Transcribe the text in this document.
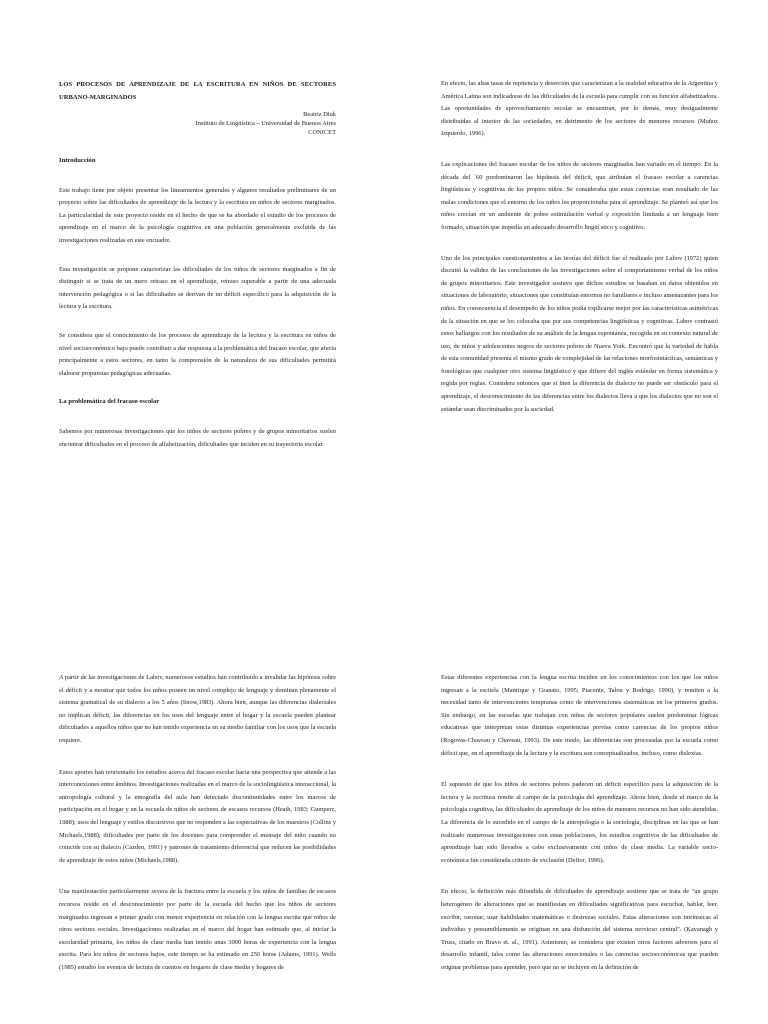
LOS PROCESOS DE APRENDIZAJE DE LA ESCRITURA EN NIÑOS DE SECTORES URBANO-MARGINADOS
Beatriz Diuk
Instituto de Lingüística – Universidad de Buenos Aires
CONICET
Introducción

Este trabajo tiene por objeto presentar los lineamientos generales y algunos resultados preliminares de un proyecto sobre las dificultades de aprendizaje de la lectura y la escritura en niños de sectores marginados. La particularidad de este proyecto reside en el hecho de que se ha abordado el estudio de los procesos de aprendizaje en el marco de la psicología cognitiva en una población generalmente excluida de las investigaciones realizadas en este encuadre.

Esta investigación se propone caracterizar las dificultades de los niños de sectores marginados a fin de distinguir si se trata de un mero retraso en el aprendizaje, retraso superable a partir de una adecuada intervención pedagógica o si las dificultades se derivan de un déficit específico para la adquisición de la lectura y la escritura.

Se considera que el conocimiento de los procesos de aprendizaje de la lectura y la escritura en niños de nivel socioeconómico bajo puede contribuir a dar respuesta a la problemática del fracaso escolar, que afecta principalmente a estos sectores, en tanto la comprensión de la naturaleza de sus dificultades permitirá elaborar propuestas pedagógicas adecuadas.

La problemática del fracaso escolar

Sabemos por numerosas investigaciones que los niños de sectores pobres y de grupos minoritarios suelen encontrar dificultades en el proceso de alfabetización, dificultades que inciden en su trayectoria escolar.

En efecto, las altas tasas de repitencia y deserción que caracterizan a la realidad educativa de la Argentina y América Latina son indicadoras de las dificultades de la escuela para cumplir con su función alfabetizadora. Las oportunidades de aprovechamiento escolar se encuentran, por lo demás, muy desigualmente distribuidas al interior de las sociedades, en detrimento de los sectores de menores recursos (Muñoz Izquierdo, 1996).

Las explicaciones del fracaso escolar de los niños de sectores marginados han variado en el tiempo. En la década del ´60 predominaron las hipótesis del déficit, que atribuían el fracaso escolar a carencias lingüísticas y cognitivas de los propios niños. Se consideraba que estas carencias eran resultado de las malas condiciones que el entorno de los niños les proporcionaba para el aprendizaje. Se planteó así que los niños crecían en un ambiente de pobre estimulación verbal y exposición limitada a un lenguaje bien formado, situación que impedía un adecuado desarrollo lingüí stico y cognitivo.

Uno de los principales cuestionamientos a las teorías del déficit fue el realizado por Labov (1972) quien discutió la validez de las conclusiones de las investigaciones sobre el comportamiento verbal de los niños de grupos minoritarios. Este investigador sostuvo que dichos estudios se basaban en datos obtenidos en situaciones de laboratorio, situaciones que constituían entornos no familiares e incluso amenazantes para los niños. En consecuencia el desempeño de los niños podía explicarse mejor por las características asimétricas de la situación en que se los colocaba que por sus competencias lingüísticas y cognitivas. Labov contrastó estos hallazgos con los resultados de su análisis de la lengua espontánea, recogida en su contexto natural de uso, de niños y adolescentes negros de sectores pobres de Nueva York. Encontró que la variedad de habla de esta comunidad presenta el mismo grado de complejidad de las relaciones morfosintácticas, semánticas y fonológicas que cualquier otro sistema lingüístico y que difiere del inglés estándar en forma sistemática y regida por reglas. Considera entonces que si bien la diferencia de dialecto no puede ser obstáculo para el aprendizaje, el desconocimiento de las diferencias entre los dialectos lleva a que los dialectos que no son el estándar sean discriminados por la sociedad.

A partir de las investigaciones de Labov, numerosos estudios han contribuido a invalidar las hipótesis sobre el déficit y a mostrar que todos los niños poseen un nivel complejo de lenguaje y dominan plenamente el sistema gramatical de su dialecto a los 5 años (Snow,1983). Ahora bien, aunque las diferencias dialectales no implican déficit, las diferencias en los usos del lenguaje entre el hogar y la escuela pueden plantear dificultades a aquellos niños que no han tenido experiencia en su medio familiar con los usos que la escuela requiere.

Estos aportes han reorientado los estudios acerca del fracaso escolar hacia una perspectiva que atiende a las interconexiones entre ámbitos. Investigaciones realizadas en el marco de la sociolingüística interaccional, la antropología cultural y la etnografía del aula han detectado discontinuidades entre los marcos de participación en el hogar y en la escuela de niños de sectores de escasos recursos (Heath, 1983; Gumperz, 1988); usos del lenguaje y estilos discursivos que no responden a las expectativas de los maestros (Collins y Michaels,1988); dificultades por parte de los docentes para comprender el mensaje del niño cuando no coincide con su dialecto (Cazden, 1991) y patrones de tratamiento diferencial que reducen las posibilidades de aprendizaje de estos niños (Michaels,1988).

Una manifestación particularmente severa de la fractura entre la escuela y los niños de familias de escasos recursos reside en el desconocimiento por parte de la escuela del hecho que los niños de sectores marginados ingresan a primer grado con menor experiencia en relación con la lengua escrita que niños de otros sectores sociales. Investigaciones realizadas en el marco del hogar han estimado que, al iniciar la escolaridad primaria, los niños de clase media han tenido unas 3000 horas de experiencia con la lengua escrita. Para los niños de sectores bajos, este tiempo se ha estimado en 250 horas (Adams, 1991). Wells (1985) estudió los eventos de lectura de cuentos en hogares de clase media y hogares de

Estas diferentes experiencias con la lengua escrita inciden en los conocimientos con los que los niños ingresan a la escuela (Manrique y Granato, 1995; Piacente, Talou y Rodrigo, 1990), y remiten a la necesidad tanto de intervenciones tempranas como de intervenciones sistemáticas en los primeros grados. Sin embargo, en las escuelas que trabajan con niños de sectores populares suelen predominar lógicas educativas que interpretan estas distintas experiencias previas como carencias de los propios niños (Rogovas-Chaveau y Chaveau, 1993). De este modo, las diferencias son procesadas por la escuela como déficit que, en el aprendizaje de la lectura y la escritura son conceptualizados, incluso, como dislexias.

El supuesto de que los niños de sectores pobres padecen un déficit específico para la adquisición de la lectura y la escritura remite al campo de la psicología del aprendizaje. Ahora bien, desde el marco de la psicología cognitiva, las dificultades de aprendizaje de los niños de menores recursos no han sido atendidas. La diferencia de lo sucedido en el campo de la antropología o la sociología, disciplinas en las que se han realizado numerosas investigaciones con estas poblaciones, los estudios cognitivos de las dificultades de aprendizaje han sido llevados a cabo exclusivamente con niños de clase media. La variable socio-económica fue considerada criterio de exclusión (Defior, 1996).

En efecto, la definición más difundida de dificultades de aprendizaje sostiene que se trata de "un grupo heterogéneo de alteraciones que se manifiestan en dificultades significativas para escuchar, hablar, leer, escribir, razonar, usar habilidades matemáticas o destrezas sociales. Estas alteraciones son intrínsecas al individuo y presumiblemente se originan en una disfunción del sistema nervioso central". (Kavanagh y Truss, citado en Bravo et. al., 1991). Asimismo, se considera que existen otros factores adversos para el desarrollo infantil, tales como las alteraciones emocionales o las carencias socioeconómicas que pueden originar problemas para aprender, pero que no se incluyen en la definición de
